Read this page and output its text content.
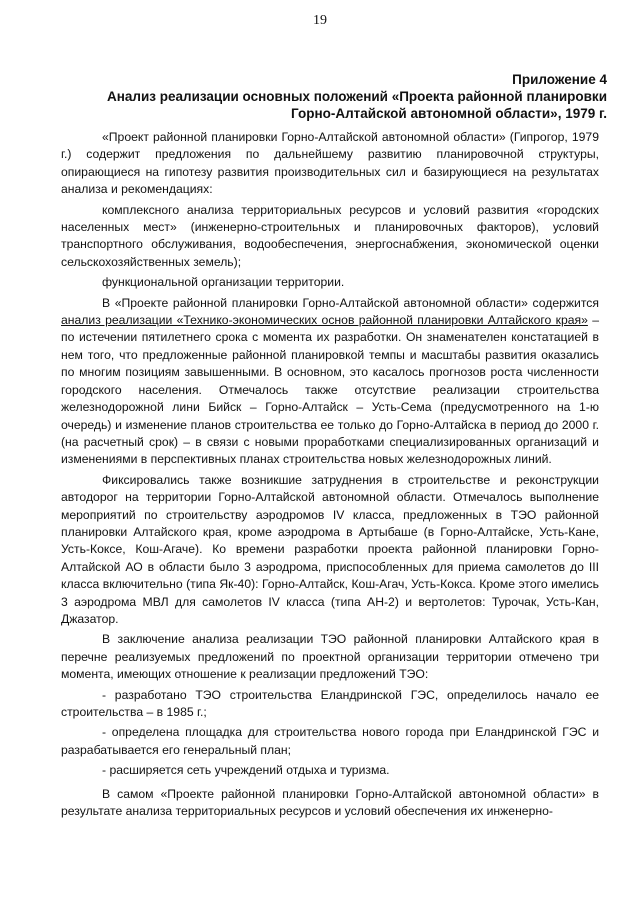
19
Приложение 4
Анализ реализации основных положений «Проекта районной планировки
Горно-Алтайской автономной области», 1979 г.

«Проект районной планировки Горно-Алтайской автономной области» (Гипрогор, 1979 г.) содержит предложения по дальнейшему развитию планировочной структуры, опирающиеся на гипотезу развития производительных сил и базирующиеся на результатах анализа и рекомендациях:

комплексного анализа территориальных ресурсов и условий развития «городских населенных мест» (инженерно-строительных и планировочных факторов), условий транспортного обслуживания, водообеспечения, энергоснабжения, экономической оценки сельскохозяйственных земель);

функциональной организации территории.

В «Проекте районной планировки Горно-Алтайской автономной области» содержится анализ реализации «Технико-экономических основ районной планировки Алтайского края» – по истечении пятилетнего срока с момента их разработки. Он знаменателен констатацией в нем того, что предложенные районной планировкой темпы и масштабы развития оказались по многим позициям завышенными. В основном, это касалось прогнозов роста численности городского населения. Отмечалось также отсутствие реализации строительства железнодорожной лини Бийск – Горно-Алтайск – Усть-Сема (предусмотренного на 1-ю очередь) и изменение планов строительства ее только до Горно-Алтайска в период до 2000 г. (на расчетный срок) – в связи с новыми проработками специализированных организаций и изменениями в перспективных планах строительства новых железнодорожных линий.

Фиксировались также возникшие затруднения в строительстве и реконструкции автодорог на территории Горно-Алтайской автономной области. Отмечалось выполнение мероприятий по строительству аэродромов IV класса, предложенных в ТЭО районной планировки Алтайского края, кроме аэродрома в Артыбаше (в Горно-Алтайске, Усть-Кане, Усть-Коксе, Кош-Агаче). Ко времени разработки проекта районной планировки Горно-Алтайской АО в области было 3 аэродрома, приспособленных для приема самолетов до III класса включительно (типа Як-40): Горно-Алтайск, Кош-Агач, Усть-Кокса. Кроме этого имелись 3 аэродрома МВЛ для самолетов IV класса (типа АН-2) и вертолетов: Турочак, Усть-Кан, Джазатор.

В заключение анализа реализации ТЭО районной планировки Алтайского края в перечне реализуемых предложений по проектной организации территории отмечено три момента, имеющих отношение к реализации предложений ТЭО:

- разработано ТЭО строительства Еландринской ГЭС, определилось начало ее строительства – в 1985 г.;

- определена площадка для строительства нового города при Еландринской ГЭС и разрабатывается его генеральный план;

- расширяется сеть учреждений отдыха и туризма.

В самом «Проекте районной планировки Горно-Алтайской автономной области» в результате анализа территориальных ресурсов и условий обеспечения их инженерно-
